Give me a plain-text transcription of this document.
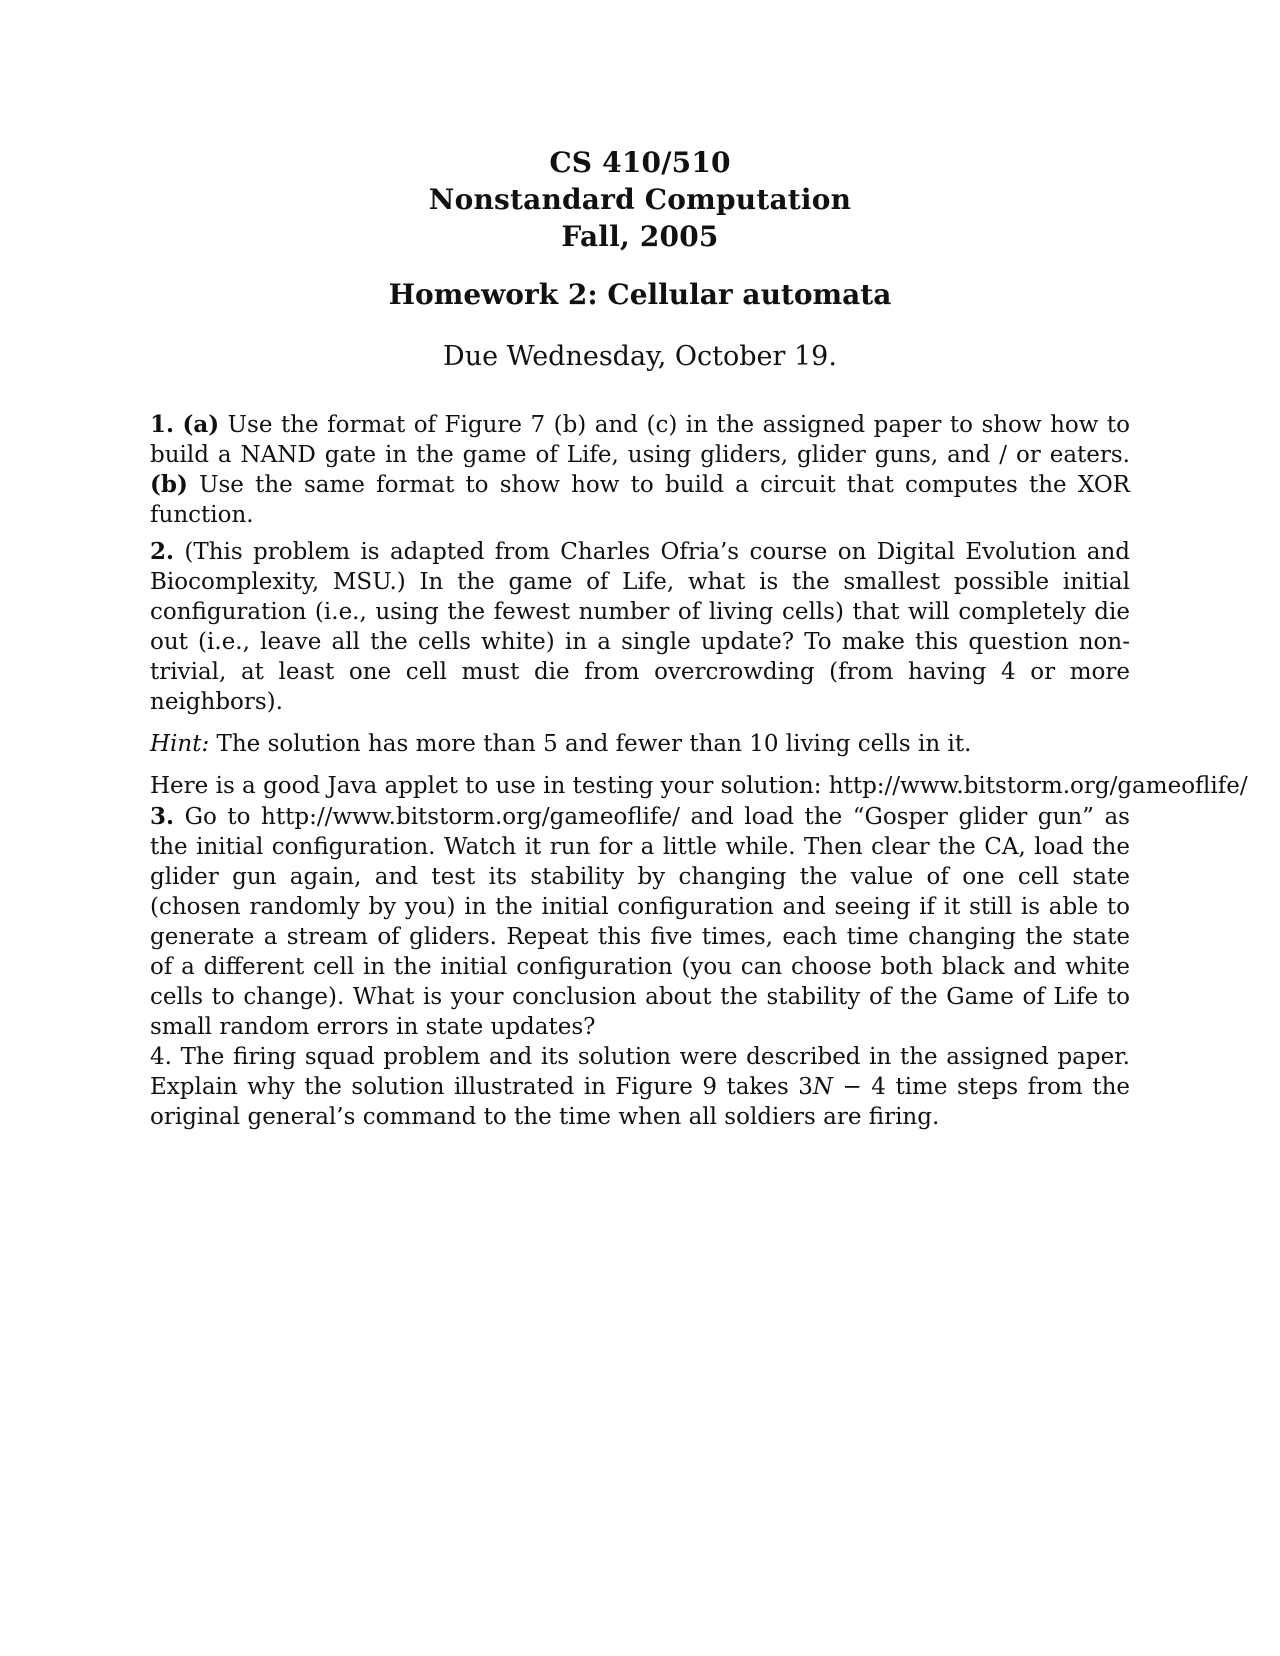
CS 410/510
Nonstandard Computation
Fall, 2005
Homework 2: Cellular automata
Due Wednesday, October 19.

1. (a) Use the format of Figure 7 (b) and (c) in the assigned paper to show how to build a NAND gate in the game of Life, using gliders, glider guns, and / or eaters. (b) Use the same format to show how to build a circuit that computes the XOR function.

2. (This problem is adapted from Charles Ofria’s course on Digital Evolution and Biocomplexity, MSU.) In the game of Life, what is the smallest possible initial configuration (i.e., using the fewest number of living cells) that will completely die out (i.e., leave all the cells white) in a single update? To make this question non-trivial, at least one cell must die from overcrowding (from having 4 or more neighbors).

Hint: The solution has more than 5 and fewer than 10 living cells in it.

Here is a good Java applet to use in testing your solution: http://www.bitstorm.org/gameoflife/

3. Go to http://www.bitstorm.org/gameoflife/ and load the “Gosper glider gun” as the initial configuration. Watch it run for a little while. Then clear the CA, load the glider gun again, and test its stability by changing the value of one cell state (chosen randomly by you) in the initial configuration and seeing if it still is able to generate a stream of gliders. Repeat this five times, each time changing the state of a different cell in the initial configuration (you can choose both black and white cells to change). What is your conclusion about the stability of the Game of Life to small random errors in state updates?

4. The firing squad problem and its solution were described in the assigned paper. Explain why the solution illustrated in Figure 9 takes 3N − 4 time steps from the original general’s command to the time when all soldiers are firing.
